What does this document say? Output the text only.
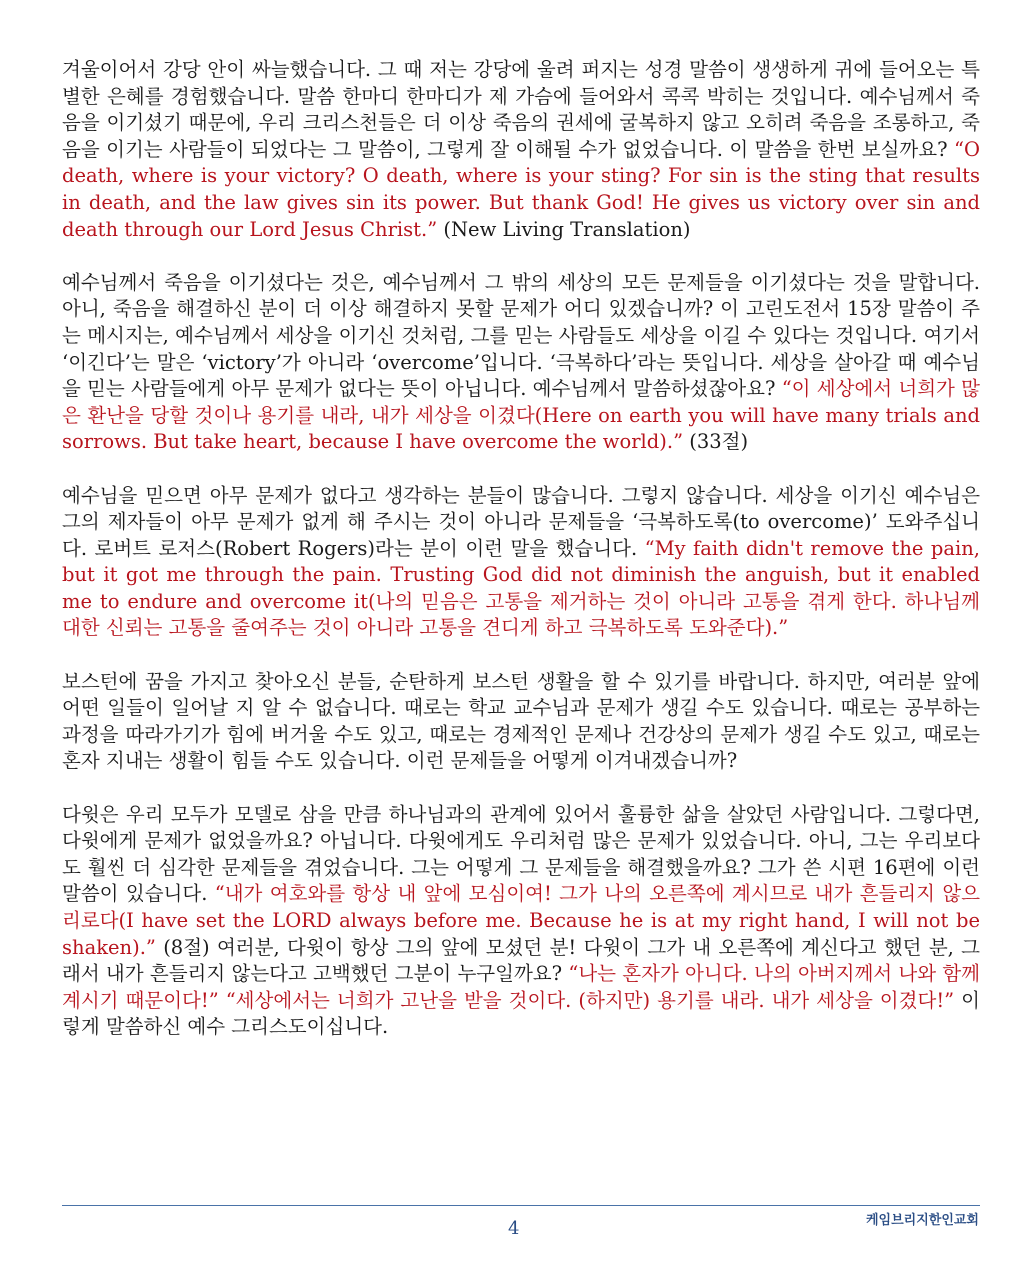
겨울이어서 강당 안이 싸늘했습니다. 그 때 저는 강당에 울려 퍼지는 성경 말씀이 생생하게 귀에 들어오는 특별한 은혜를 경험했습니다. 말씀 한마디 한마디가 제 가슴에 들어와서 콕콕 박히는 것입니다. 예수님께서 죽음을 이기셨기 때문에, 우리 크리스천들은 더 이상 죽음의 권세에 굴복하지 않고 오히려 죽음을 조롱하고, 죽음을 이기는 사람들이 되었다는 그 말씀이, 그렇게 잘 이해될 수가 없었습니다. 이 말씀을 한번 보실까요? “O death, where is your victory? O death, where is your sting? For sin is the sting that results in death, and the law gives sin its power. But thank God! He gives us victory over sin and death through our Lord Jesus Christ.” (New Living Translation)

예수님께서 죽음을 이기셨다는 것은, 예수님께서 그 밖의 세상의 모든 문제들을 이기셨다는 것을 말합니다. 아니, 죽음을 해결하신 분이 더 이상 해결하지 못할 문제가 어디 있겠습니까? 이 고린도전서 15장 말씀이 주는 메시지는, 예수님께서 세상을 이기신 것처럼, 그를 믿는 사람들도 세상을 이길 수 있다는 것입니다. 여기서 ‘이긴다’는 말은 ‘victory’가 아니라 ‘overcome’입니다. ‘극복하다’라는 뜻입니다. 세상을 살아갈 때 예수님을 믿는 사람들에게 아무 문제가 없다는 뜻이 아닙니다. 예수님께서 말씀하셨잖아요? “이 세상에서 너희가 많은 환난을 당할 것이나 용기를 내라, 내가 세상을 이겼다(Here on earth you will have many trials and sorrows. But take heart, because I have overcome the world).” (33절)

예수님을 믿으면 아무 문제가 없다고 생각하는 분들이 많습니다. 그렇지 않습니다. 세상을 이기신 예수님은 그의 제자들이 아무 문제가 없게 해 주시는 것이 아니라 문제들을 ‘극복하도록(to overcome)’ 도와주십니다. 로버트 로저스(Robert Rogers)라는 분이 이런 말을 했습니다. “My faith didn't remove the pain, but it got me through the pain. Trusting God did not diminish the anguish, but it enabled me to endure and overcome it(나의 믿음은 고통을 제거하는 것이 아니라 고통을 겪게 한다. 하나님께 대한 신뢰는 고통을 줄여주는 것이 아니라 고통을 견디게 하고 극복하도록 도와준다).”

보스턴에 꿈을 가지고 찾아오신 분들, 순탄하게 보스턴 생활을 할 수 있기를 바랍니다. 하지만, 여러분 앞에 어떤 일들이 일어날 지 알 수 없습니다. 때로는 학교 교수님과 문제가 생길 수도 있습니다. 때로는 공부하는 과정을 따라가기가 힘에 버거울 수도 있고, 때로는 경제적인 문제나 건강상의 문제가 생길 수도 있고, 때로는 혼자 지내는 생활이 힘들 수도 있습니다. 이런 문제들을 어떻게 이겨내겠습니까?

다윗은 우리 모두가 모델로 삼을 만큼 하나님과의 관계에 있어서 훌륭한 삶을 살았던 사람입니다. 그렇다면, 다윗에게 문제가 없었을까요? 아닙니다. 다윗에게도 우리처럼 많은 문제가 있었습니다. 아니, 그는 우리보다도 훨씬 더 심각한 문제들을 겪었습니다. 그는 어떻게 그 문제들을 해결했을까요? 그가 쓴 시편 16편에 이런 말씀이 있습니다. “내가 여호와를 항상 내 앞에 모심이여! 그가 나의 오른쪽에 계시므로 내가 흔들리지 않으리로다(I have set the LORD always before me. Because he is at my right hand, I will not be shaken).” (8절) 여러분, 다윗이 항상 그의 앞에 모셨던 분! 다윗이 그가 내 오른쪽에 계신다고 했던 분, 그래서 내가 흔들리지 않는다고 고백했던 그분이 누구일까요? “나는 혼자가 아니다. 나의 아버지께서 나와 함께 계시기 때문이다!” “세상에서는 너희가 고난을 받을 것이다. (하지만) 용기를 내라. 내가 세상을 이겼다!” 이렇게 말씀하신 예수 그리스도이십니다.

4	케임브리지한인교회
